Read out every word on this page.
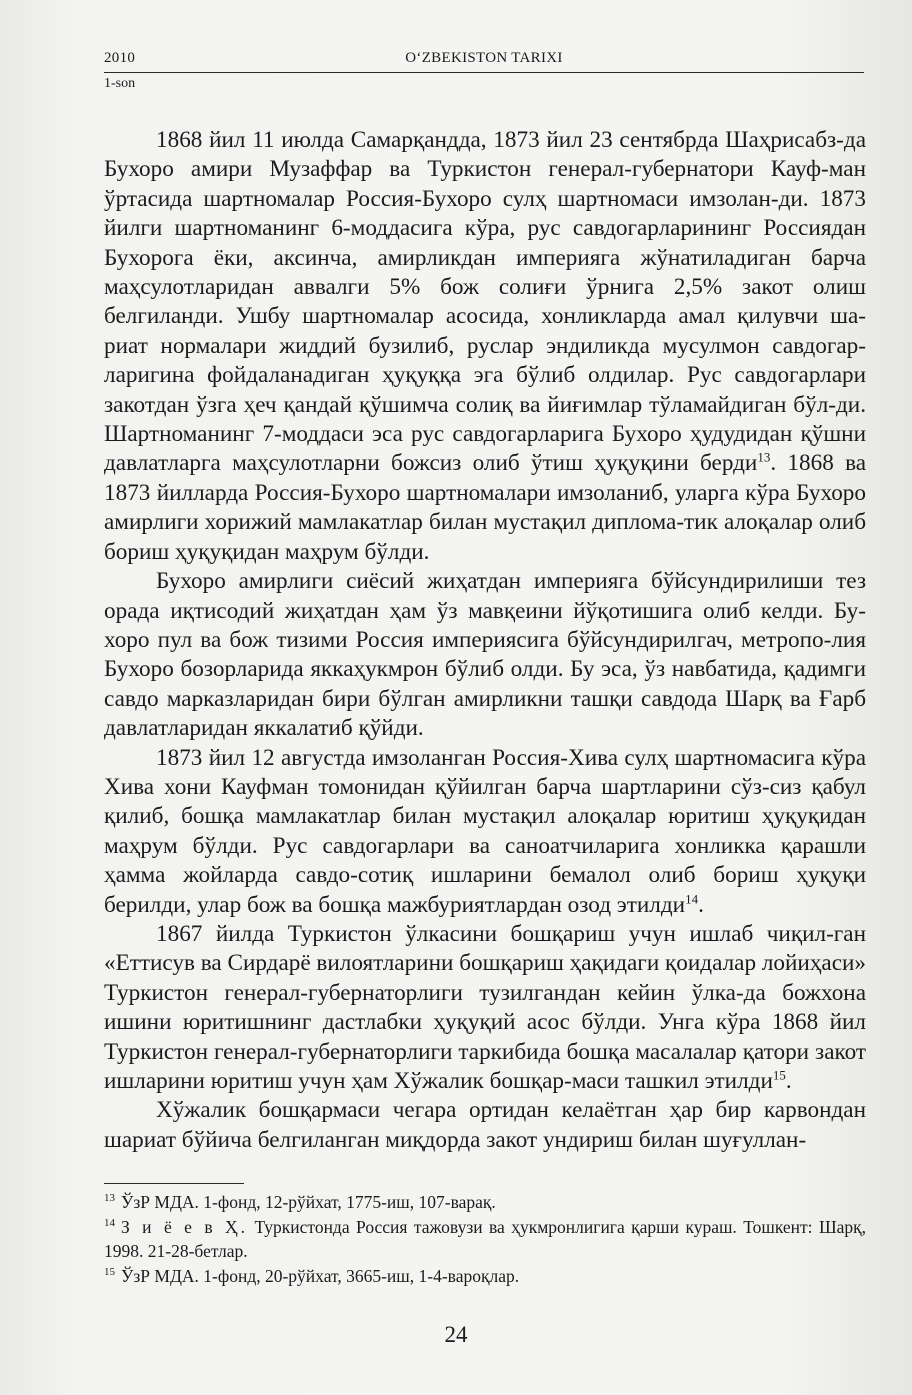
2010	O‘ZBEKISTON TARIXI
1-son

1868 йил 11 июлда Самарқандда, 1873 йил 23 сентябрда Шаҳрисабз-да Бухоро амири Музаффар ва Туркистон генерал-губернатори Кауф-ман ўртасида шартномалар Россия-Бухоро сулҳ шартномаси имзолан-ди. 1873 йилги шартноманинг 6-моддасига кўра, рус савдогарларининг Россиядан Бухорога ёки, аксинча, амирликдан империяга жўнатиладиган барча маҳсулотларидан аввалги 5% бож солиғи ўрнига 2,5% закот олиш белгиланди. Ушбу шартномалар асосида, хонликларда амал қилувчи ша-риат нормалари жиддий бузилиб, руслар эндиликда мусулмон савдогар-ларигина фойдаланадиган ҳуқуққа эга бўлиб олдилар. Рус савдогарлари закотдан ўзга ҳеч қандай қўшимча солиқ ва йиғимлар тўламайдиган бўл-ди. Шартноманинг 7-моддаси эса рус савдогарларига Бухоро ҳудудидан қўшни давлатларга маҳсулотларни божсиз олиб ўтиш ҳуқуқини берди$^{13}$. 1868 ва 1873 йилларда Россия-Бухоро шартномалари имзоланиб, уларга кўра Бухоро амирлиги хорижий мамлакатлар билан мустақил диплома-тик алоқалар олиб бориш ҳуқуқидан маҳрум бўлди.

Бухоро амирлиги сиёсий жиҳатдан империяга бўйсундирилиши тез орада иқтисодий жиҳатдан ҳам ўз мавқеини йўқотишига олиб келди. Бу-хоро пул ва бож тизими Россия империясига бўйсундирилгач, метропо-лия Бухоро бозорларида яккаҳукмрон бўлиб олди. Бу эса, ўз навбатида, қадимги савдо марказларидан бири бўлган амирликни ташқи савдода Шарқ ва Ғарб давлатларидан яккалатиб қўйди.

1873 йил 12 августда имзоланган Россия-Хива сулҳ шартномасига кўра Хива хони Кауфман томонидан қўйилган барча шартларини сўз-сиз қабул қилиб, бошқа мамлакатлар билан мустақил алоқалар юритиш ҳуқуқидан маҳрум бўлди. Рус савдогарлари ва саноатчиларига хонликка қарашли ҳамма жойларда савдо-сотиқ ишларини бемалол олиб бориш ҳуқуқи берилди, улар бож ва бошқа мажбуриятлардан озод этилди$^{14}$.

1867 йилда Туркистон ўлкасини бошқариш учун ишлаб чиқил-ган «Еттисув ва Сирдарё вилоятларини бошқариш ҳақидаги қоидалар лойиҳаси» Туркистон генерал-губернаторлиги тузилгандан кейин ўлка-да божхона ишини юритишнинг дастлабки ҳуқуқий асос бўлди. Унга кўра 1868 йил Туркистон генерал-губернаторлиги таркибида бошқа масалалар қатори закот ишларини юритиш учун ҳам Хўжалик бошқар-маси ташкил этилди$^{15}$.

Хўжалик бошқармаси чегара ортидан келаётган ҳар бир карвондан шариат бўйича белгиланган миқдорда закот ундириш билан шуғуллан-

$^{13}$ ЎзР МДА. 1-фонд, 12-рўйхат, 1775-иш, 107-варақ.

$^{14}$ З и ё е в Ҳ. Туркистонда Россия тажовузи ва ҳукмронлигига қарши кураш. Тошкент: Шарқ, 1998. 21-28-бетлар.

$^{15}$ ЎзР МДА. 1-фонд, 20-рўйхат, 3665-иш, 1-4-вароқлар.

24
